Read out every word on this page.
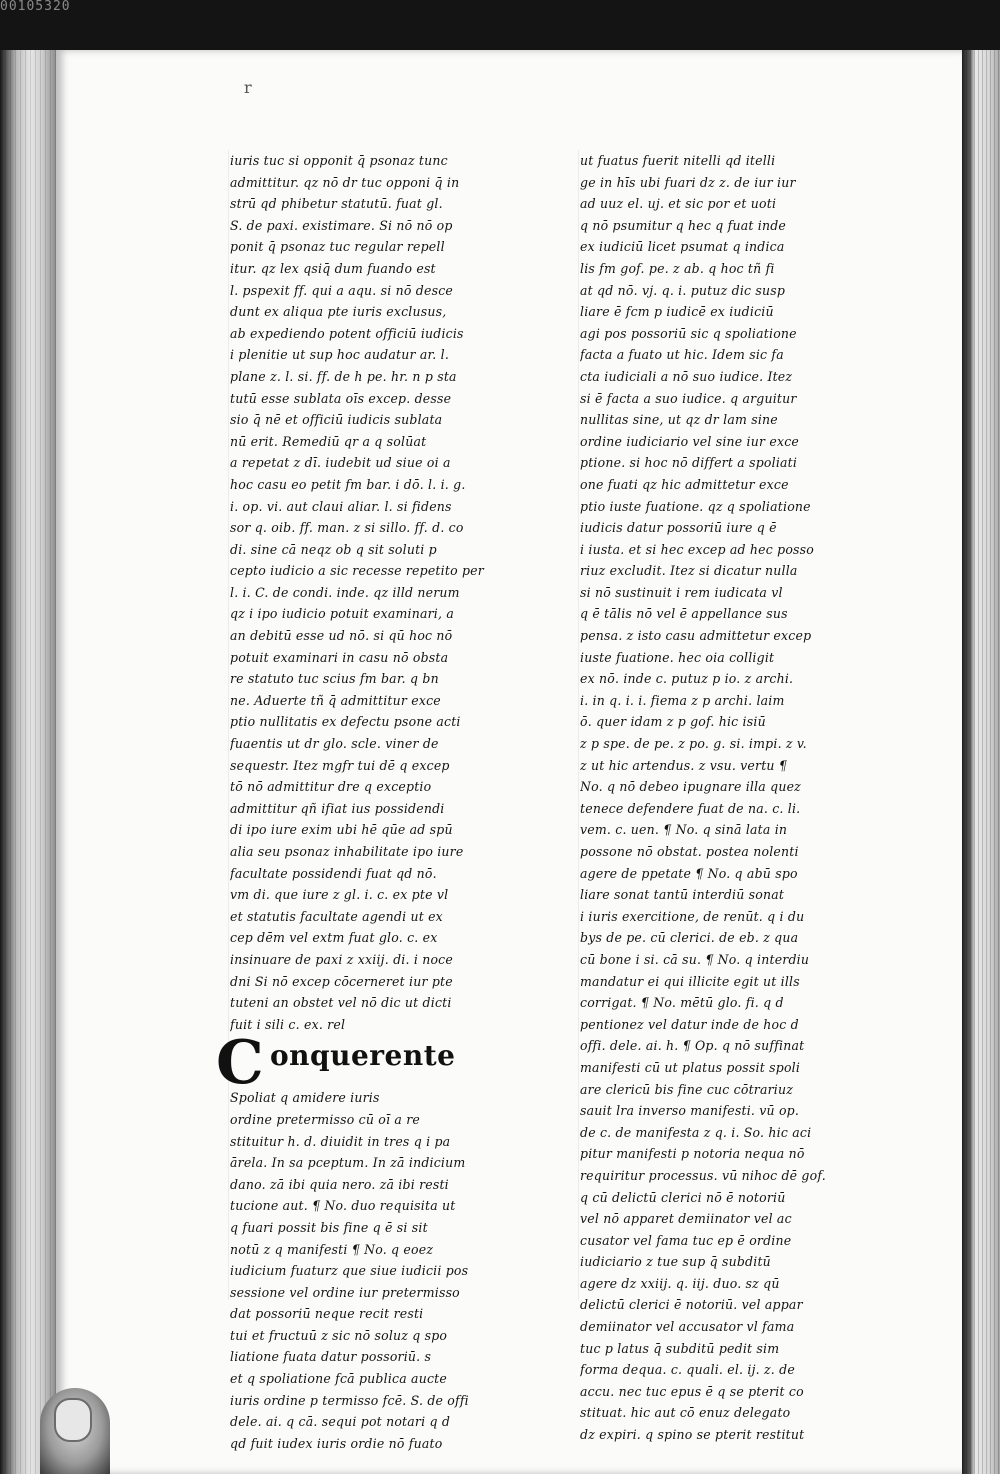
00105320
r
iuris tuc si opponit q̄ psonaz tunc
admittitur. qz nō dr tuc opponi q̄ in
strū qd phibetur statutū. fuat gl.
S. de paxi. existimare. Si nō nō op
ponit q̄ psonaz tuc regular repell
itur. qz lex qsiq̄ dum fuando est
l. pspexit ff. qui a aqu. si nō desce
dunt ex aliqua pte iuris exclusus,
ab expediendo potent officiū iudicis
i plenitie ut sup hoc audatur ar. l.
plane z. l. si. ff. de h pe. hr. n p sta
tutū esse sublata oīs excep. desse
sio q̄ nē et officiū iudicis sublata
nū erit. Remediū qr a q solūat
a repetat z dī. iudebit ud siue oi a
hoc casu eo petit fm bar. i dō. l. i. g.
i. op. vi. aut claui aliar. l. si fidens
sor q. oib. ff. man. z si sillo. ff. d. co
di. sine cā neqz ob q sit soluti p
cepto iudicio a sic recesse repetito per
l. i. C. de condi. inde. qz illd nerum
qz i ipo iudicio potuit examinari, a
an debitū esse ud nō. si qū hoc nō
potuit examinari in casu nō obsta
re statuto tuc scius fm bar. q bn
ne. Aduerte tñ q̄ admittitur exce
ptio nullitatis ex defectu psone acti
fuaentis ut dr glo. scle. viner de
sequestr. Itez mgfr tui dē q excep
tō nō admittitur dre q exceptio
admittitur qñ ifiat ius possidendi
di ipo iure exim ubi hē qūe ad spū
alia seu psonaz inhabilitate ipo iure
facultate possidendi fuat qd nō.
vm di. que iure z gl. i. c. ex pte vl
et statutis facultate agendi ut ex
cep dēm vel extm fuat glo. c. ex
insinuare de paxi z xxiij. di. i noce
dni Si nō excep cōcerneret iur pte
tuteni an obstet vel nō dic ut dicti
fuit i sili c. ex. rel
C onquerente
Spoliat q amidere iuris
ordine pretermisso cū oī a re
stituitur h. d. diuidit in tres q i pa
ārela. In sa pceptum. In zā indicium
dano. zā ibi quia nero. zā ibi resti
tucione aut. ¶ No. duo requisita ut
q fuari possit bis fine q ē si sit
notū z q manifesti ¶ No. q eoez
iudicium fuaturz que siue iudicii pos
sessione vel ordine iur pretermisso
dat possoriū neque recit resti
tui et fructuū z sic nō soluz q spo
liatione fuata datur possoriū. s
et q spoliatione fcā publica aucte
iuris ordine p termisso fcē. S. de offi
dele. ai. q cā. sequi pot notari q d
qd fuit iudex iuris ordie nō fuato
ut fuatus fuerit nitelli qd itelli
ge in hīs ubi fuari dz z. de iur iur
ad uuz el. uj. et sic por et uoti
q nō psumitur q hec q fuat inde
ex iudiciū licet psumat q indica
lis fm gof. pe. z ab. q hoc tñ fi
at qd nō. vj. q. i. putuz dic susp
liare ē fcm p iudicē ex iudiciū
agi pos possoriū sic q spoliatione
facta a fuato ut hic. Idem sic fa
cta iudiciali a nō suo iudice. Itez
si ē facta a suo iudice. q arguitur
nullitas sine, ut qz dr lam sine
ordine iudiciario vel sine iur exce
ptione. si hoc nō differt a spoliati
one fuati qz hic admittetur exce
ptio iuste fuatione. qz q spoliatione
iudicis datur possoriū iure q ē
i iusta. et si hec excep ad hec posso
riuz excludit. Itez si dicatur nulla
si nō sustinuit i rem iudicata vl
q ē tālis nō vel ē appellance sus
pensa. z isto casu admittetur excep
iuste fuatione. hec oia colligit
ex nō. inde c. putuz p io. z archi.
i. in q. i. i. fiema z p archi. laim
ō. quer idam z p gof. hic isiū
z p spe. de pe. z po. g. si. impi. z v.
z ut hic artendus. z vsu. vertu ¶
No. q nō debeo ipugnare illa quez
tenece defendere fuat de na. c. li.
vem. c. uen. ¶ No. q sinā lata in
possone nō obstat. postea nolenti
agere de ppetate ¶ No. q abū spo
liare sonat tantū interdiū sonat
i iuris exercitione, de renūt. q i du
bys de pe. cū clerici. de eb. z qua
cū bone i si. cā su. ¶ No. q interdiu
mandatur ei qui illicite egit ut ills
corrigat. ¶ No. mētū glo. fi. q d
pentionez vel datur inde de hoc d
offi. dele. ai. h. ¶ Op. q nō suffinat
manifesti cū ut platus possit spoli
are clericū bis fine cuc cōtrariuz
sauit lra inverso manifesti. vū op.
de c. de manifesta z q. i. So. hic aci
pitur manifesti p notoria nequa nō
requiritur processus. vū nihoc dē gof.
q cū delictū clerici nō ē notoriū
vel nō apparet demiinator vel ac
cusator vel fama tuc ep ē ordine
iudiciario z tue sup q̄ subditū
agere dz xxiij. q. iij. duo. sz qū
delictū clerici ē notoriū. vel appar
demiinator vel accusator vl fama
tuc p latus q̄ subditū pedit sim
forma dequa. c. quali. el. ij. z. de
accu. nec tuc epus ē q se pterit co
stituat. hic aut cō enuz delegato
dz expiri. q spino se pterit restitut
